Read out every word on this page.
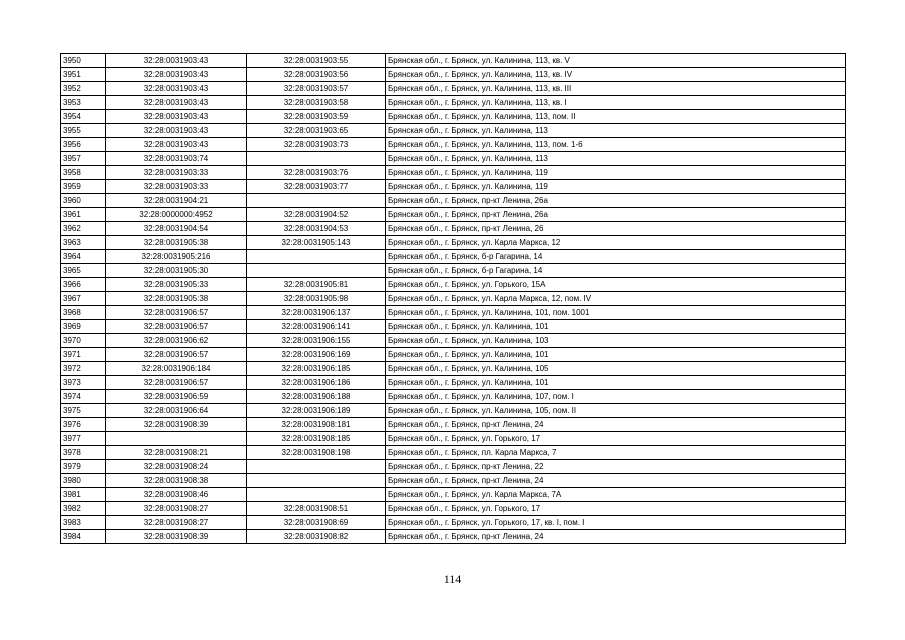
3950	32:28:0031903:43	32:28:0031903:55	Брянская обл., г. Брянск, ул. Калинина, 113, кв. V
3951	32:28:0031903:43	32:28:0031903:56	Брянская обл., г. Брянск, ул. Калинина, 113, кв. IV
3952	32:28:0031903:43	32:28:0031903:57	Брянская обл., г. Брянск, ул. Калинина, 113, кв. III
3953	32:28:0031903:43	32:28:0031903:58	Брянская обл., г. Брянск, ул. Калинина, 113, кв. I
3954	32:28:0031903:43	32:28:0031903:59	Брянская обл., г. Брянск, ул. Калинина, 113, пом. II
3955	32:28:0031903:43	32:28:0031903:65	Брянская обл., г. Брянск, ул. Калинина, 113
3956	32:28:0031903:43	32:28:0031903:73	Брянская обл., г. Брянск, ул. Калинина, 113, пом. 1-6
3957	32:28:0031903:74		Брянская обл., г. Брянск, ул. Калинина, 113
3958	32:28:0031903:33	32:28:0031903:76	Брянская обл., г. Брянск, ул. Калинина, 119
3959	32:28:0031903:33	32:28:0031903:77	Брянская обл., г. Брянск, ул. Калинина, 119
3960	32:28:0031904:21		Брянская обл., г. Брянск, пр-кт Ленина, 26а
3961	32:28:0000000:4952	32:28:0031904:52	Брянская обл., г. Брянск, пр-кт Ленина, 26а
3962	32:28:0031904:54	32:28:0031904:53	Брянская обл., г. Брянск, пр-кт Ленина, 26
3963	32:28:0031905:38	32:28:0031905:143	Брянская обл., г. Брянск, ул. Карла Маркса, 12
3964	32:28:0031905:216		Брянская обл., г. Брянск, б-р Гагарина, 14
3965	32:28:0031905:30		Брянская обл., г. Брянск, б-р Гагарина, 14
3966	32:28:0031905:33	32:28:0031905:81	Брянская обл., г. Брянск, ул. Горького, 15А
3967	32:28:0031905:38	32:28:0031905:98	Брянская обл., г. Брянск, ул. Карла Маркса, 12, пом. IV
3968	32:28:0031906:57	32:28:0031906:137	Брянская обл., г. Брянск, ул. Калинина, 101, пом. 1001
3969	32:28:0031906:57	32:28:0031906:141	Брянская обл., г. Брянск, ул. Калинина, 101
3970	32:28:0031906:62	32:28:0031906:155	Брянская обл., г. Брянск, ул. Калинина, 103
3971	32:28:0031906:57	32:28:0031906:169	Брянская обл., г. Брянск, ул. Калинина, 101
3972	32:28:0031906:184	32:28:0031906:185	Брянская обл., г. Брянск, ул. Калинина, 105
3973	32:28:0031906:57	32:28:0031906:186	Брянская обл., г. Брянск, ул. Калинина, 101
3974	32:28:0031906:59	32:28:0031906:188	Брянская обл., г. Брянск, ул. Калинина, 107, пом. I
3975	32:28:0031906:64	32:28:0031906:189	Брянская обл., г. Брянск, ул. Калинина, 105, пом. II
3976	32:28:0031908:39	32:28:0031908:181	Брянская обл., г. Брянск, пр-кт Ленина, 24
3977		32:28:0031908:185	Брянская обл., г. Брянск, ул. Горького, 17
3978	32:28:0031908:21	32:28:0031908:198	Брянская обл., г. Брянск, пл. Карла Маркса, 7
3979	32:28:0031908:24		Брянская обл., г. Брянск, пр-кт Ленина, 22
3980	32:28:0031908:38		Брянская обл., г. Брянск, пр-кт Ленина, 24
3981	32:28:0031908:46		Брянская обл., г. Брянск, ул. Карла Маркса, 7А
3982	32:28:0031908:27	32:28:0031908:51	Брянская обл., г. Брянск, ул. Горького, 17
3983	32:28:0031908:27	32:28:0031908:69	Брянская обл., г. Брянск, ул. Горького, 17, кв. I, пом. I
3984	32:28:0031908:39	32:28:0031908:82	Брянская обл., г. Брянск, пр-кт Ленина, 24
114
